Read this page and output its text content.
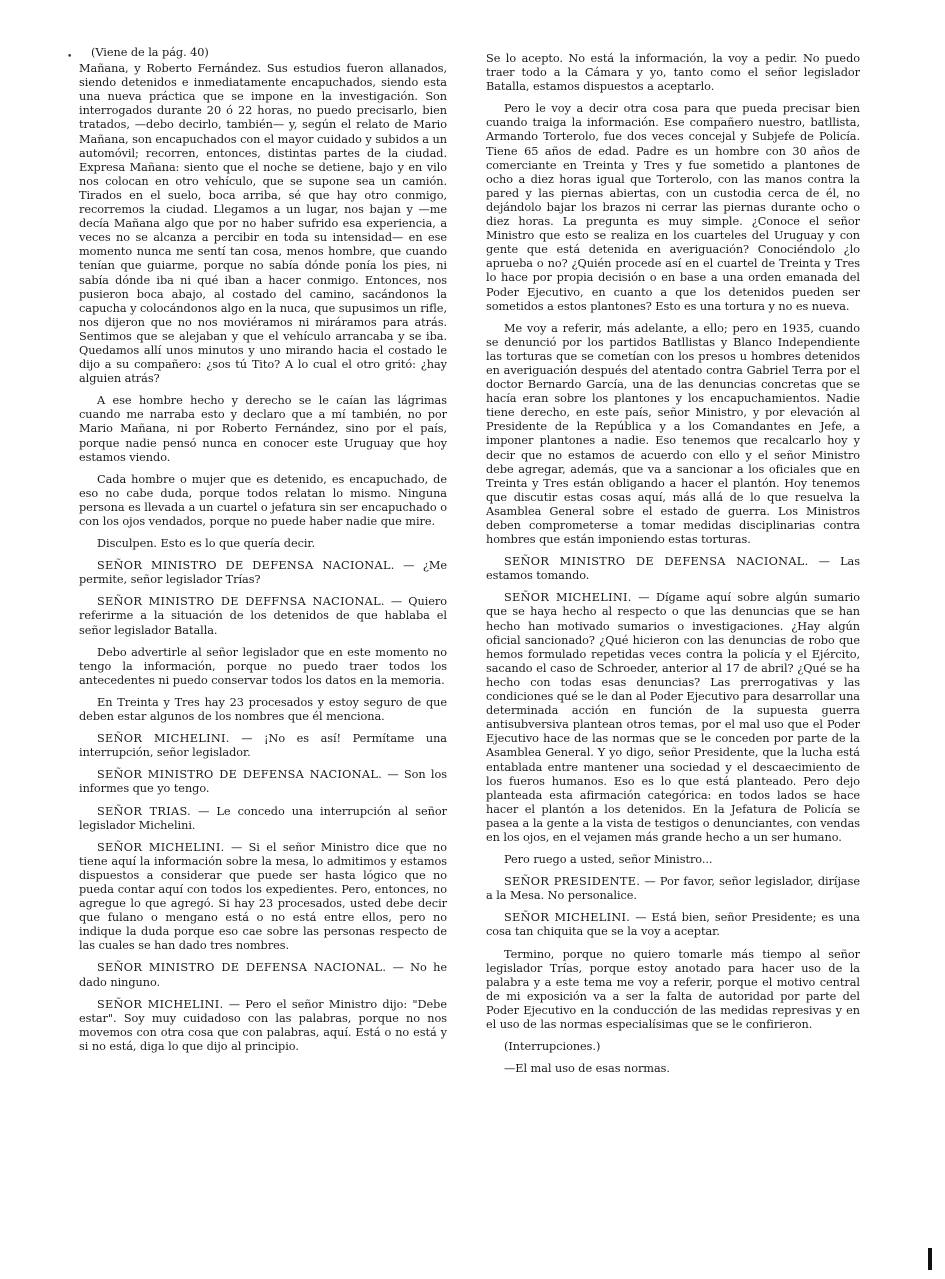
•	(Viene de la pág. 40)

Mañana, y Roberto Fernández. Sus estudios fueron allanados, siendo detenidos e inmediatamente encapuchados, siendo esta una nueva práctica que se impone en la investigación. Son interrogados durante 20 ó 22 horas, no puedo precisarlo, bien tratados, —debo decirlo, también— y, según el relato de Mario Mañana, son encapuchados con el mayor cuidado y subidos a un automóvil; recorren, entonces, distintas partes de la ciudad. Expresa Mañana: siento que el noche se detiene, bajo y en vilo nos colocan en otro vehículo, que se supone sea un camión. Tirados en el suelo, boca arriba, sé que hay otro conmigo, recorremos la ciudad. Llegamos a un lugar, nos bajan y —me decía Mañana algo que por no haber sufrido esa experiencia, a veces no se alcanza a percibir en toda su intensidad— en ese momento nunca me sentí tan cosa, menos hombre, que cuando tenían que guiarme, porque no sabía dónde ponía los pies, ni sabía dónde iba ni qué iban a hacer conmigo. Entonces, nos pusieron boca abajo, al costado del camino, sacándonos la capucha y colocándonos algo en la nuca, que supusimos un rifle, nos dijeron que no nos moviéramos ni miráramos para atrás. Sentimos que se alejaban y que el vehículo arrancaba y se iba. Quedamos allí unos minutos y uno mirando hacia el costado le dijo a su compañero: ¿sos tú Tito? A lo cual el otro gritó: ¿hay alguien atrás?

A ese hombre hecho y derecho se le caían las lágrimas cuando me narraba esto y declaro que a mí también, no por Mario Mañana, ni por Roberto Fernández, sino por el país, porque nadie pensó nunca en conocer este Uruguay que hoy estamos viendo.

Cada hombre o mujer que es detenido, es encapuchado, de eso no cabe duda, porque todos relatan lo mismo. Ninguna persona es llevada a un cuartel o jefatura sin ser encapuchado o con los ojos vendados, porque no puede haber nadie que mire.

Disculpen. Esto es lo que quería decir.

SEÑOR MINISTRO DE DEFENSA NACIONAL. — ¿Me permite, señor legislador Trías?

SEÑOR MINISTRO DE DEFFNSA NACIONAL. — Quiero referirme a la situación de los detenidos de que hablaba el señor legislador Batalla.

Debo advertirle al señor legislador que en este momento no tengo la información, porque no puedo traer todos los antecedentes ni puedo conservar todos los datos en la memoria.

En Treinta y Tres hay 23 procesados y estoy seguro de que deben estar algunos de los nombres que él menciona.

SEÑOR MICHELINI. — ¡No es así! Permítame una interrupción, señor legislador.

SEÑOR MINISTRO DE DEFENSA NACIONAL. — Son los informes que yo tengo.

SEÑOR TRIAS. — Le concedo una interrupción al señor legislador Michelini.

SEÑOR MICHELINI. — Si el señor Ministro dice que no tiene aquí la información sobre la mesa, lo admitimos y estamos dispuestos a considerar que puede ser hasta lógico que no pueda contar aquí con todos los expedientes. Pero, entonces, no agregue lo que agregó. Si hay 23 procesados, usted debe decir que fulano o mengano está o no está entre ellos, pero no indique la duda porque eso cae sobre las personas respecto de las cuales se han dado tres nombres.

SEÑOR MINISTRO DE DEFENSA NACIONAL. — No he dado ninguno.

SEÑOR MICHELINI. — Pero el señor Ministro dijo: "Debe estar". Soy muy cuidadoso con las palabras, porque no nos movemos con otra cosa que con palabras, aquí. Está o no está y si no está, diga lo que dijo al principio.

Se lo acepto. No está la información, la voy a pedir. No puedo traer todo a la Cámara y yo, tanto como el señor legislador Batalla, estamos dispuestos a aceptarlo.

Pero le voy a decir otra cosa para que pueda precisar bien cuando traiga la información. Ese compañero nuestro, batllista, Armando Torterolo, fue dos veces concejal y Subjefe de Policía. Tiene 65 años de edad. Padre es un hombre con 30 años de comerciante en Treinta y Tres y fue sometido a plantones de ocho a diez horas igual que Torterolo, con las manos contra la pared y las piernas abiertas, con un custodia cerca de él, no dejándolo bajar los brazos ni cerrar las piernas durante ocho o diez horas. La pregunta es muy simple. ¿Conoce el señor Ministro que esto se realiza en los cuarteles del Uruguay y con gente que está detenida en averiguación? Conociéndolo ¿lo aprueba o no? ¿Quién procede así en el cuartel de Treinta y Tres lo hace por propia decisión o en base a una orden emanada del Poder Ejecutivo, en cuanto a que los detenidos pueden ser sometidos a estos plantones? Esto es una tortura y no es nueva.

Me voy a referir, más adelante, a ello; pero en 1935, cuando se denunció por los partidos Batllistas y Blanco Independiente las torturas que se cometían con los presos u hombres detenidos en averiguación después del atentado contra Gabriel Terra por el doctor Bernardo García, una de las denuncias concretas que se hacía eran sobre los plantones y los encapuchamientos. Nadie tiene derecho, en este país, señor Ministro, y por elevación al Presidente de la República y a los Comandantes en Jefe, a imponer plantones a nadie. Eso tenemos que recalcarlo hoy y decir que no estamos de acuerdo con ello y el señor Ministro debe agregar, además, que va a sancionar a los oficiales que en Treinta y Tres están obligando a hacer el plantón. Hoy tenemos que discutir estas cosas aquí, más allá de lo que resuelva la Asamblea General sobre el estado de guerra. Los Ministros deben comprometerse a tomar medidas disciplinarias contra hombres que están imponiendo estas torturas.

SEÑOR MINISTRO DE DEFENSA NACIONAL. — Las estamos tomando.

SEÑOR MICHELINI. — Dígame aquí sobre algún sumario que se haya hecho al respecto o que las denuncias que se han hecho han motivado sumarios o investigaciones. ¿Hay algún oficial sancionado? ¿Qué hicieron con las denuncias de robo que hemos formulado repetidas veces contra la policía y el Ejército, sacando el caso de Schroeder, anterior al 17 de abril? ¿Qué se ha hecho con todas esas denuncias? Las prerrogativas y las condiciones qué se le dan al Poder Ejecutivo para desarrollar una determinada acción en función de la supuesta guerra antisubversiva plantean otros temas, por el mal uso que el Poder Ejecutivo hace de las normas que se le conceden por parte de la Asamblea General. Y yo digo, señor Presidente, que la lucha está entablada entre mantener una sociedad y el descaecimiento de los fueros humanos. Eso es lo que está planteado. Pero dejo planteada esta afirmación categórica: en todos lados se hace hacer el plantón a los detenidos. En la Jefatura de Policía se pasea a la gente a la vista de testigos o denunciantes, con vendas en los ojos, en el vejamen más grande hecho a un ser humano.

Pero ruego a usted, señor Ministro...

SEÑOR PRESIDENTE. — Por favor, señor legislador, diríjase a la Mesa. No personalice.

SEÑOR MICHELINI. — Está bien, señor Presidente; es una cosa tan chiquita que se la voy a aceptar.

Termino, porque no quiero tomarle más tiempo al señor legislador Trías, porque estoy anotado para hacer uso de la palabra y a este tema me voy a referir, porque el motivo central de mi exposición va a ser la falta de autoridad por parte del Poder Ejecutivo en la conducción de las medidas represivas y en el uso de las normas especialísimas que se le confirieron.

(Interrupciones.)

—El mal uso de esas normas.
